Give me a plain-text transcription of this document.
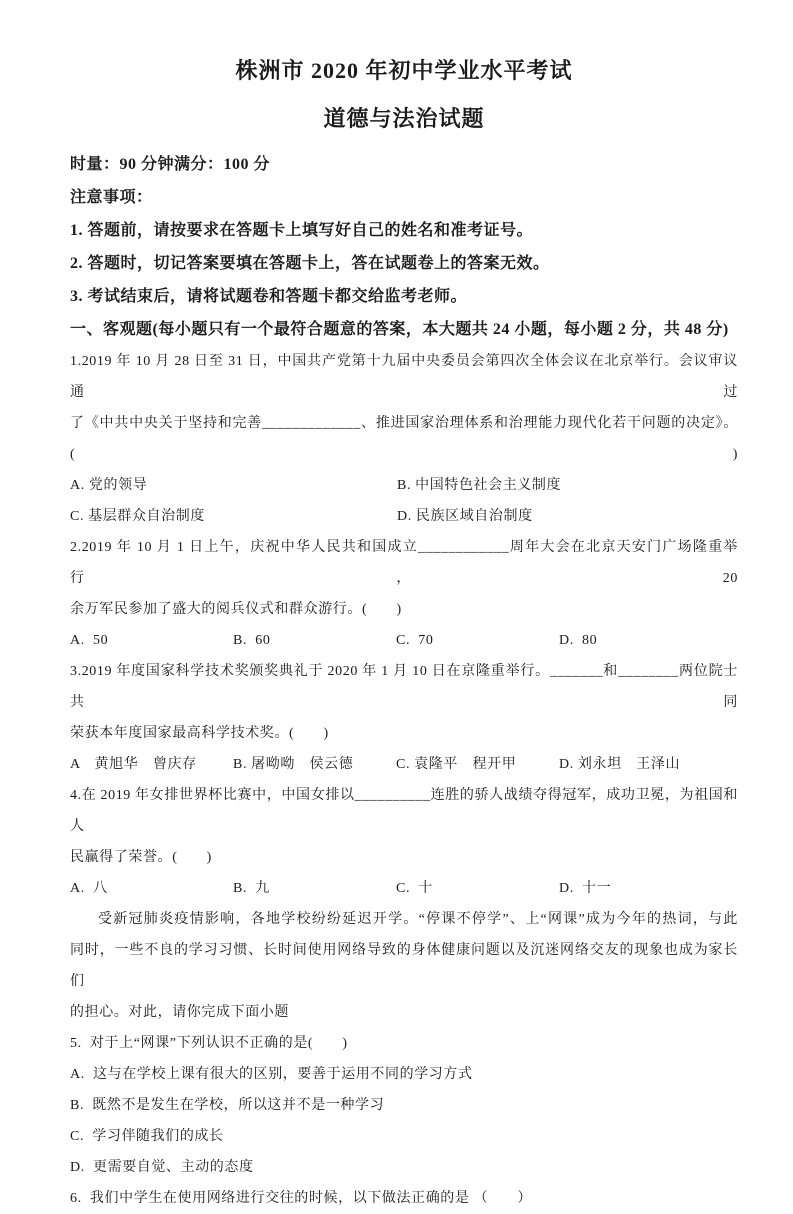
株洲市 2020 年初中学业水平考试
道德与法治试题
时量：90 分钟满分：100 分
注意事项：
1. 答题前，请按要求在答题卡上填写好自己的姓名和准考证号。
2. 答题时，切记答案要填在答题卡上，答在试题卷上的答案无效。
3. 考试结束后，请将试题卷和答题卡都交给监考老师。
一、客观题(每小题只有一个最符合题意的答案，本大题共 24 小题，每小题 2 分，共 48 分)
1.2019 年 10 月 28 日至 31 日，中国共产党第十九届中央委员会第四次全体会议在北京举行。会议审议通过
了《中共中央关于坚持和完善_____________、推进国家治理体系和治理能力现代化若干问题的决定》。(　　)
A. 党的领导	B. 中国特色社会主义制度
C. 基层群众自治制度	D. 民族区域自治制度
2.2019 年 10 月 1 日上午，庆祝中华人民共和国成立____________周年大会在北京天安门广场隆重举行，20
余万军民参加了盛大的阅兵仪式和群众游行。(　　)
A.  50	B.  60	C.  70	D.  80
3.2019 年度国家科学技术奖颁奖典礼于 2020 年 1 月 10 日在京隆重举行。_______和________两位院士共同
荣获本年度国家最高科学技术奖。(　　)
A　黄旭华　曾庆存	B. 屠呦呦　侯云德	C. 袁隆平　程开甲	D. 刘永坦　王泽山
4.在 2019 年女排世界杯比赛中，中国女排以__________连胜的骄人战绩夺得冠军，成功卫冕，为祖国和人
民赢得了荣誉。(　　)
A.  八	B.  九	C.  十	D.  十一
受新冠肺炎疫情影响，各地学校纷纷延迟开学。“停课不停学”、上“网课”成为今年的热词，与此
同时，一些不良的学习习惯、长时间使用网络导致的身体健康问题以及沉迷网络交友的现象也成为家长们
的担心。对此，请你完成下面小题
5.  对于上“网课”下列认识不正确的是(　　)
A.  这与在学校上课有很大的区别，要善于运用不同的学习方式
B.  既然不是发生在学校，所以这并不是一种学习
C.  学习伴随我们的成长
D.  更需要自觉、主动的态度
6.  我们中学生在使用网络进行交往的时候，以下做法正确的是 （　　）
